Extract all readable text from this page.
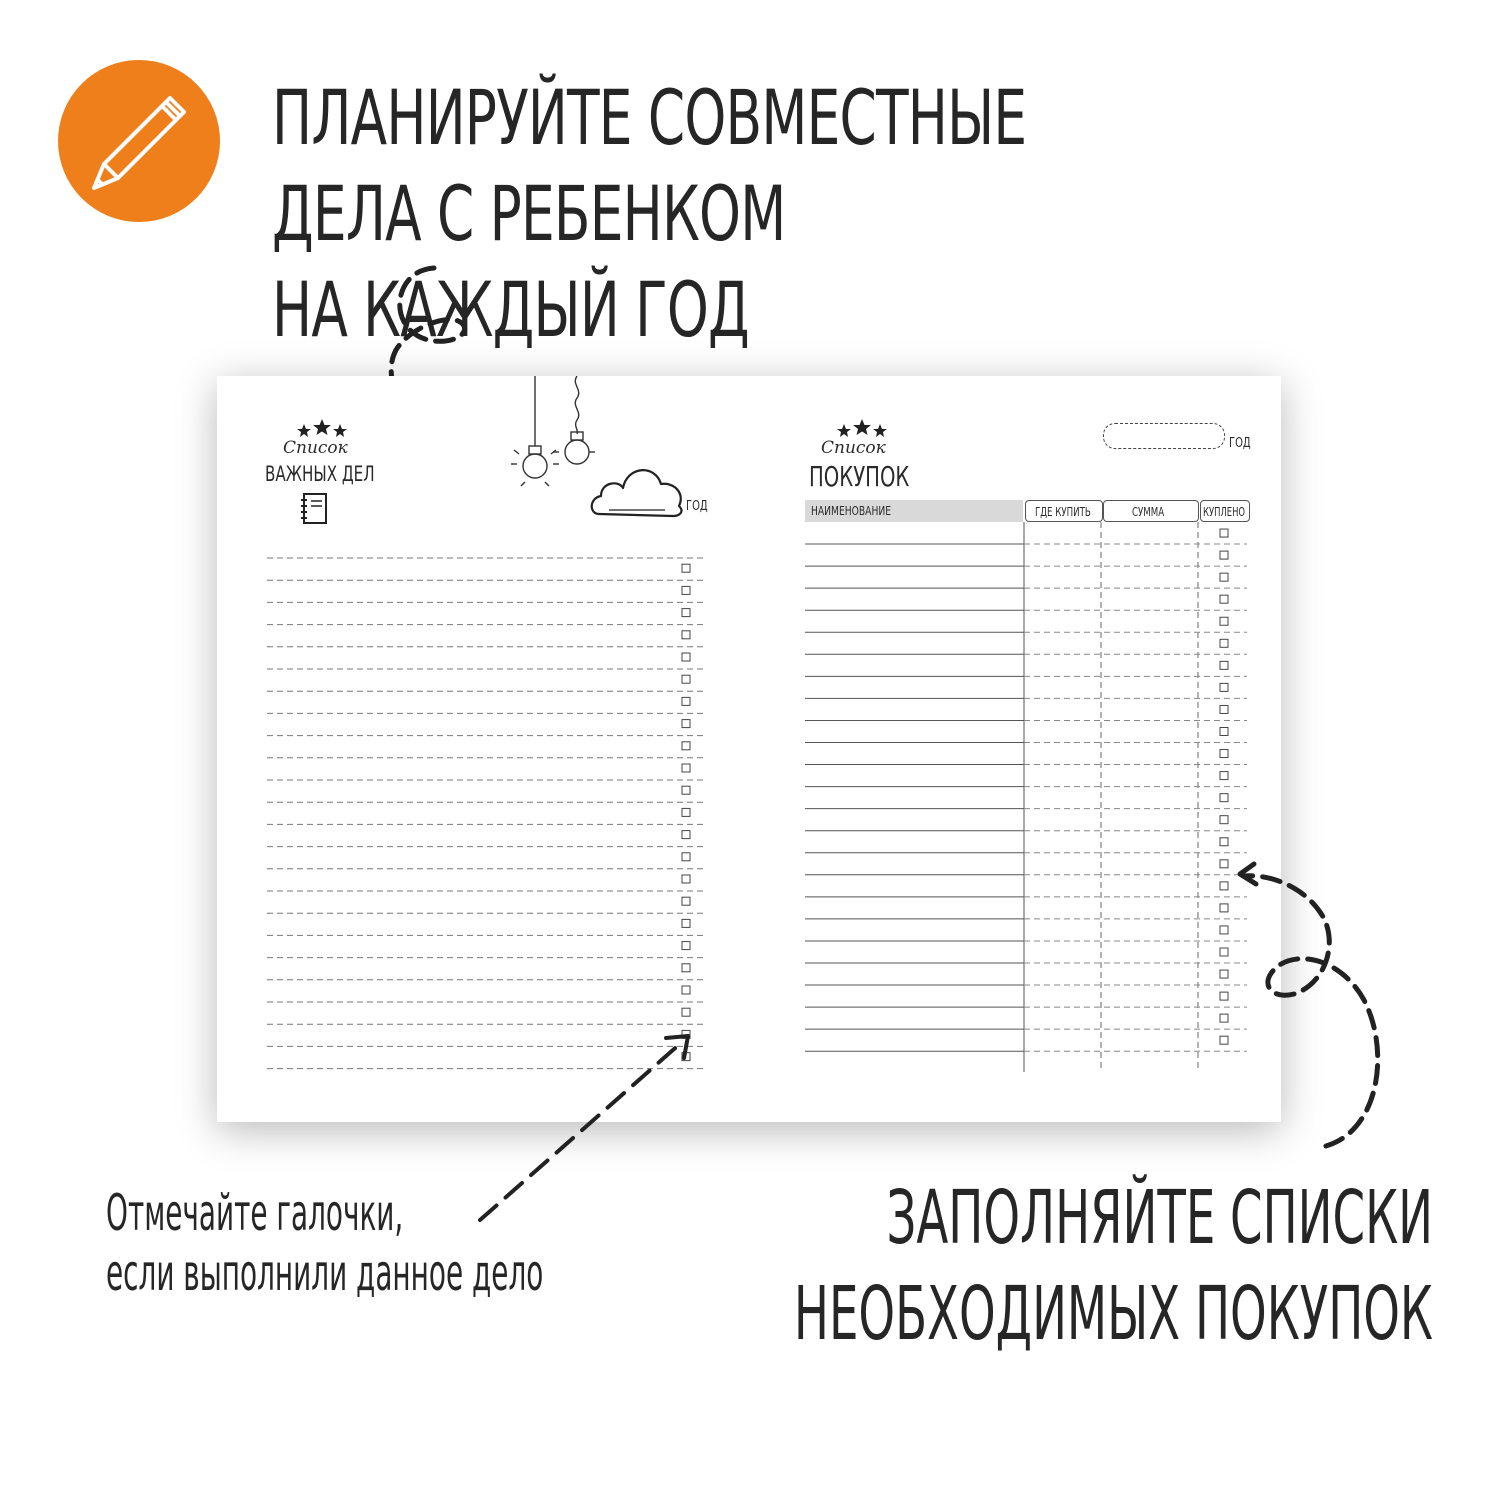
ПЛАНИРУЙТЕ СОВМЕСТНЫЕ ДЕЛА С РЕБЕНКОМ
НА КАЖДЫЙ ГОД
Список
ВАЖНЫХ ДЕЛ
ГОД
Список
ПОКУПОК
ГОД
НАИМЕНОВАНИЕ	ГДЕ КУПИТЬ	СУММА	КУПЛЕНО
Отмечайте галочки,
если выполнили данное дело
ЗАПОЛНЯЙТЕ СПИСКИ
НЕОБХОДИМЫХ ПОКУПОК
